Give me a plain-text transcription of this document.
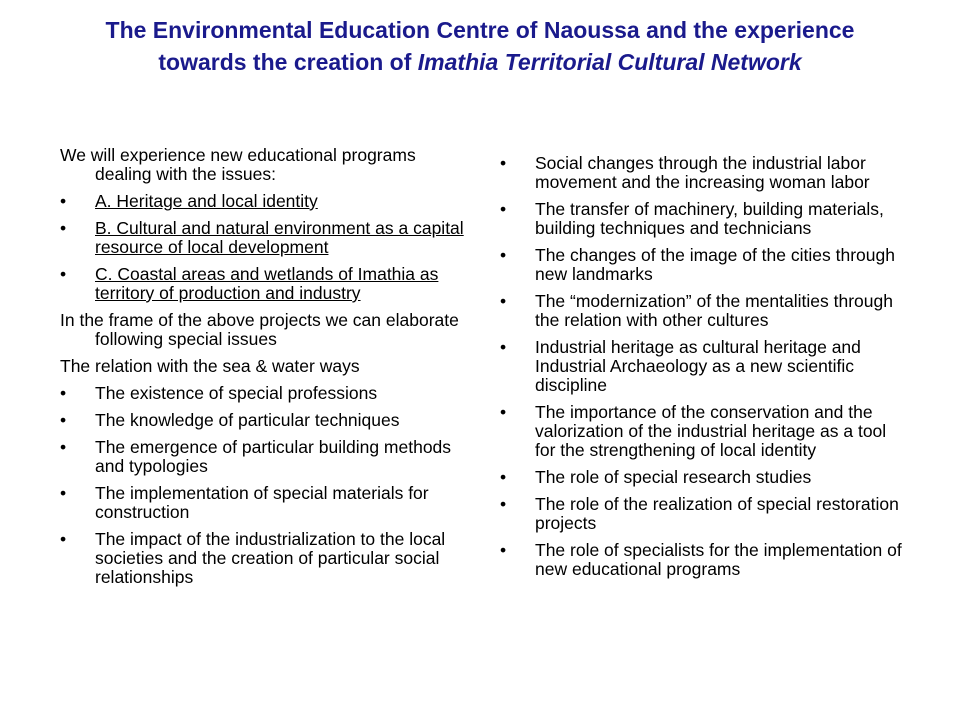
The Environmental Education Centre of Naoussa and the experience towards the creation of Imathia Territorial Cultural Network
We will experience new educational programs dealing with the issues:
• A. Heritage and local identity
• B. Cultural and natural environment as a capital resource of local development
• C. Coastal areas and wetlands of Imathia as territory of production and industry
In the frame of the above projects we can elaborate following special issues
The relation with the sea & water ways
• The existence of special professions
• The knowledge of particular techniques
• The emergence of particular building methods and typologies
• The implementation of special materials for construction
• The impact of the industrialization to the local societies and the creation of particular social relationships
• Social changes through the industrial labor movement and the increasing woman labor
• The transfer of machinery, building materials, building techniques and technicians
• The changes of the image of the cities through new landmarks
• The “modernization” of the mentalities through the relation with other cultures
• Industrial heritage as cultural heritage and Industrial Archaeology as a new scientific discipline
• The importance of the conservation and the valorization of the industrial heritage as a tool for the strengthening of local identity
• The role of special research studies
• The role of the realization of special restoration projects
• The role of specialists for the implementation of new educational programs
